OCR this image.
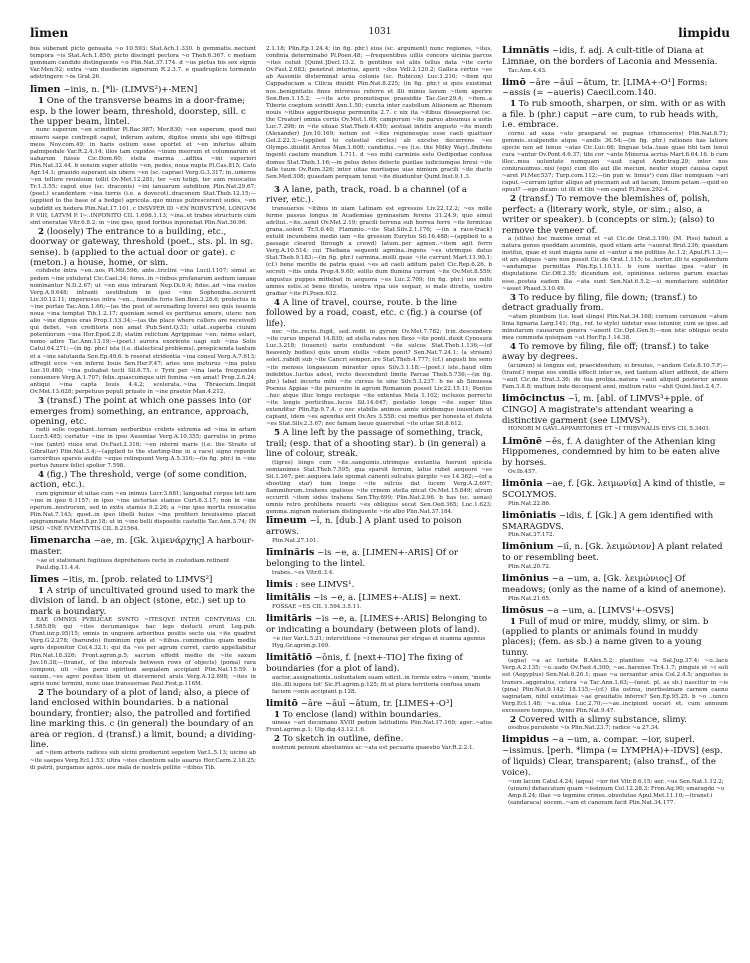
līmen	1031	limpidu
bus suberant picto genualia ~o 10.593; Stat.Ach.1.330. b gemmatis..nectunt tempora ~is Stat.Ach.1.850; picto discingit pectora ~o Theb.6.367. c mediam gemmam candido distinguente ~o Plin.Nat.37.174. d ~us pictus bis sex signis Var.Men.92; extra ~um duodecim signorum R.2.3.7. e quadruplicis tormento adstringere ~os Grat.26.
līmen ~inis, n. [*li- (LIMVS²)+-MEN]
1 One of the transverse beams in a door-frame; esp. b the lower beam, threshold, doorstep, sill. c the upper beam, lintel.
nunc superum ~en scinditur Pl.Bac.987; Mer.830; ~en superum, quod mei misero saepe confregit caput, inferum autem, digitos omnis ubi ego diffregi meos Nov.com.49; in haris ostium esse oportet et ~en inferius altum palmipedale Var.R.2.4.14; illos tam cupidos ~inum meorum et columnarum et uaharum fuisse Cic.Dom.60; stelia marina ..adfixa ~ini superiori Plin.Nat.32.44. b sensim super attolle ~en, pedes, noua nupta Pl.Cas.815; Cato Agr.14.1; grauido superant uix ubere ~en (sc. caprae) Verg.G.3.317; in..umeros ~en tellure reuulsum tollit Ov.Met.12.281; ter ~en tetigi, ter sum reuocatus Tr.1.3.55; caput eius (sc. draconis) ~ini ianuarum subditum Plin.Nat.29.67; (poet.) scandentem ~ina turris (i.e. a dovecot)..draconem Stat.Theb.12.15;—(applied to the base of a hedge) agricola..quo minus putrescerent sudes, ~en subdidit ex hedera Plin.Nat.17.101. c INSVPER ID ~EN ROBVSTVM, LONGVM P. VIII, LATVM P. I~..INPONITO CIL 1.698.1.13; ~ina..et trabes structuris cum sint oneratae Vitr.6.8.2; in ~ine ipso, quod foribus inponebat Plin.Nat.36.96.
2 (loosely) The entrance to a building, etc., doorway or gateway, threshold (poet., sts. pl. in sg. sense). b (applied to the actual door or gate). c (meton.) a house, home, or sim.
cohibete intra ~en..uos Pl.Mil.596; ante..triclini ~ina Lucil.1107; simul ac pedem ~ine extulerat Cic.Cael.34; fores..in ~inibus profanarum aedium ianuae nominantur N.D.2.67; ut ~en eius intrarant Nep.Di.9.4; fidus..ad ~ina custos Verg.A.9.648; intranti uestibulum in ipso ~ine Sophoniba..occurrit Liv.30.12.11; imperiosus intra ~en.., humilis foris Sen.Ben.3.28.6; prolectus in ~ine portae Tac.Ann.1.66;—(as the post of serenading lovers) seu quis iuuenis noua ~ina temptat Tib.1.2.17; quoniam semel es periturus amore, utere: non alio ~ine dignus eras Prop.1.13.34;—(as the place where callers are received) qui debet, ~en creditoris non amat Pub.Sent.Q.33; uitat..superba ciuium potentiorum ~ina Hor.Epod.2.8; statim relictum Agrippinae ~en: nemo solari, nemo adire Tac.Ann.13.19;—(poet.) aurora exoriente uagi sub ~ina Solis Catul.64.271;—(in fig. phr.) ista (i.e. dialectical problems)..prospicienda tantum et a ~ine salutanda Sen.Ep.49.6. b reserat stridentia ~ina consul Verg.A.7.613; effregit ecce ~en inferni Iouis Sen.Her.F.47; aries uno moturus ~ina pulsu Luc.10.480; ~ina pulsabat tecti Sil.6.75. c Tyrii per ~ina laeta frequentes conuenere Verg.A.1.707; felix..quascumque uiri femina ~en amat! Prop.2.6.24; antiqui ~ina capta Iouis 4.4.2; scelerata..~ina Thraecum..linquit Ov.Met.13.628; perpetuus populi priuato in ~ine praetor Man.4.212.
3 (transf.) The point at which one passes into (or emerges from) something, an entrance, approach, opening, etc.
radii solis cogebant..terram uerberibus crebris extrema ad ~ina in artum Lucr.5.485; certatur ~ine in ipso Ausoniae Verg.A.10.355; garrulus in primo ~ine (antri) riuos erat Ov.Fast.2.316; ~en interni maris (i.e. the Straits of Gibraltar) Plin.Nat.3.4;—(applied to the starting-line in a race) signo repente carceribus sparsis audito ~eque relinquunt Verg.A.5.316;—(in fig. phr.) in ~ine portus funere felici spolior 7.598.
4 (fig.) The threshold, verge (of some condition, action, etc.).
cum gignimur et uitae cum ~en inimus Lucr.3.681; languebat corpus leti iam ~ine in ipso 6.1157; in ipso ~ine uictoriae stamus Curt.6.3.17; non in ~ine operum..nostrorum, sed in exitu stamus 9.2.26; a ~ine ipso mortis reuocatus Plin.Nat.7.143; quod..in ipso libelli huius ~ine profiteri breuissimo placuit epigrammate Mart.8.pr.18; ut in ~ine belli dispositis castellis Tac.Ann.3.74; IN IPSO ~INE IVVENTVTIS CIL 8.21564.
līmenarcha ~ae, m. [Gk. λιμενάρχης] A harbour-master.
~ae et stationarii fugitiuos deprehensos recte in custodiam retinent Paul.dig.11.4.4.
līmes ~itis, m. [prob. related to LIMVS²]
1 A strip of uncultivated ground used to mark the division of land. b an object (stone, etc.) set up to mark a boundary.
EAE OMNES PVBLICAE SVNTO ~ITESQVE INTER CENTVRIAS CIL 1.585.89; qui ~ites decumanique hac lege deducti erunt Leg.pub.(Font.iur.p.95)15; omnis in unguem arboribus positis secto uia ~ite quadret Verg.G.2.278; (harundo) fluminum ripis et ~itibus..commodius quam mediis agris deponitur Col.4.32.1; qui ita ~es per agrum curret, cardo appellabitur Plin.Nat.18.326; Front.agrim.p.5; sacrum effodit medio de ~ite saxum Juv.16.38;—(transf., of the intervals between rows of objects) (poma) rara componi, uti ~ites perui spiritum aequalem accipiant Plin.Nat.15.59. b saxum..~es agro positus litem ut discerneret aruis Verg.A.12.898; ~ites in agris nunc termini, nunc uiae transuersae Paul.Fest.p.116M.
2 The boundary of a plot of land; also, a piece of land enclosed within boundaries. b a national boundary, frontier; also, the patrolled and fortified line marking this. c (in general) the boundary of an area or region. d (transf.) a limit, bound; a dividing-line.
ad ~item arboris radices sub uicini prodierunt segetem Var.L.5.13; uicino ab ~ite saepes Verg.Ecl.1.53; ultra ~ites clientium salis auarus Hor.Carm.2.18.25; di patrii, purgamus agros..uos mala de nostris pellite ~itibus Tib.
2.1.18; Plin.Ep.1.24.4; (in fig. phr.) eius (sc. argument) nunc regiones, ~ites, confinia determinabo Pl.Poen.48; —frequentibus uillis concors uicinia parcos ~ites coluit [Quint.]Decl.13.2. b gentibus est aliis tellus data ~ite certo Ov.Fast.2.683; penetrat interius, aperit ~ites Vell.2.120.2; Gallica certus ~es ab Ausoniis disterminat arua colonis (sc. Rubicon) Luc.1.216; ~item qui Cappadociam a Cilicia diuidit Plin.Nat.8.225; (in fig. phr.) si quis existimat nos..benignitatis fines introrsus referre et illi minus laxum ~item aperire Sen.Ben.1.15.2; —~ite acto promotisque praesidiis Tac.Ger.29.4; ~item..a Tiberio coeptum scindit Ann.1.50; cuncta inter castellum Alisonem ac Rhenum nouis ~itibus aggeribusque permunita 2.7. c uix ita ~itibus dissaepserat (sc. the Creator) omnia certis Ov.Met.1.69; camporum ~ite paruo absumus a uotis Luc.7.298; in ~ite siluae Stat.Theb.4.450; aestuat infelix angusto ~ite mundi (Alexander) Juv.10.169; notum est ~ites regionesque esse caeli quattuor Gel.2.22.3;—(applied to celestial circles) ab excelso decurrens ~es Olympo..diuidit Arctos Man.1.609; candidus..~es (i.e. the Milky Way)..findens ingenti caelum mundum 1.711. d ~es mihi carminis esto Oedipodae confusa domus Stat.Theb.1.16;—in pelus dotes delecte pueilae iudiciumque breui ~ite falle tuum Ov.Rem.326; inter uitae mortisque uias nimium gracili ~ite ducto Sen.Med.308; quaedam perquam tenui ~ite diuiduntur Quint.Inst.9.1.3.
3 A lane, path, track, road. b a channel (of a river, etc.).
transuersis ~itibus in uiam Latinam est egressus Liv.22.12.2; ~es mille ferme passus longus in Academiae gymnasium ferens 31.24.9; quo simul adcliui..~ite..uenit Ov.Met.2.19; gracili terrena sub horrea ferre ~ite formicae grana..solent Tr.5.6.40; Flaminio..~ite Stat.Silv.2.1.176; —(in a race-track) extulit incumbens medio iam ~ite gressum Eurytus Sil.16.488;—(applied to a passage cleared through a crowd) latum..per agmen..~item agit ferro Verg.A.10.514; cui Thebana sequenti agmina..ingens ~es utrimque datus Stat.Theb.9.183;—(in fig. phr.) carmina..molli quae ~ite currunt Mart.11.90.1; (cf.) bene meritis de patria quasi ~es ad caeli aditum patet Cic.Rep.6.26. b secreti ~itis unda Prop.4.9.60; solito dum flumina currant ~ite Ov.Met.8.559; angustus puppes mittebat in aequora ~es Luc.2.709; (in fig. phr.) uos mihi amnes estis..si bene dicetis, uostra ripa uos sequar, si male dicetis, uostro gradiar ~ite Pl.Poen.632.
4 A line of travel, course, route. b the line followed by a road, coast, etc. c (fig.) a course (of life).
nec ~ite..recto..fugit, sed..redit in gyrum Ov.Met.7.782; Irin..descendere ~ite curuo imperat 14.830; ad stella rates non flexo ~ite ponti..duxit Cynosura Luc.3.218; (iuuenci) uario confundunt ~ite sulcos Stat.Theb.1.136;—(of heavenly bodies) quis unum stellis ~item ponit? Sen.Nat.7.24.1; (a stream) solet..rabidi sub ~ite Cancri semper..ire Stat.Theb.4.777; (cf.) angusti bis seno ~ite menses longaeuum mirantur opus Silv.3.1.18;—(poet.) iste..haud olim indebitus..luctus adest, recto descendunt limite Parcae Theb.5.736;—(in fig. phr.) labat incerto mihi ~ite cursus te sine Silv.5.3.237. b ne ab Sinuessa Poenus Appiae ~ite peruenire in agrum Romanum posset Liv.22.15.11; Pontus ..huc atque illuc longo rectoque ~ite extentus Mela 1.102; inclusos porrecto ~ite longis porticibus..lucos Sil.14.647; gestatio longo ~ite super litus extenditur Plin.Ep.9.7.4. c nec stabilis animos annis uiridemque iuuentam ut capiant, idem ~es agendus erit Ov.Ars 3.558; cui medius per honesta et dulcia ~es Stat.Silv.2.3.67; nec famam laeuo quaerebat ~ite uitae Sil.8.612.
5 A line left by the passage of something, track, trail; (esp. that of a shooting star). b (in general) a line of colour, streak.
(tigres) longo cum ~ite..sanguinis..utrimque exstantia fuerunt spicula semianimes Stat.Theb.7.595; qua sparsit ferrum, latus rubet aequore ~es Sil.1.267; per..aequora late spumat canenti sulcatus gurgite ~es 14.362;—(of a shooting star) tum longo ~ite sulcus dat lucem Verg.A.2.697; flammiferum..trahens spatioso ~ite crinem stella micat Ov.Met.15.849; atrum occurrit ~item sidus trahens Sen.Thy.699; Plin.Nat.2.96. b has (sc. uenas) omnis retro prohibens reuerti ~es obliquus secat Sen.Oed.365; Luc.1.623; gemma..nigram materiam distinguente ~ite albo Plin.Nat.37.184.
līmeum ~ī, n. [dub.] A plant used to poison arrows.
Plin.Nat.27.101.
līminăris ~is ~e, a. [LIMEN+-ARIS] Of or belonging to the lintel.
trabes..~es Vitr.6.3.4.
limis : see LIMVS¹.
limitālis ~is ~e, a. [LIMES+-ALIS] = next.
FOSSAE ~ES CIL 1.594.3.5.11.
limitāris ~is ~e, a. [LIMES+-ARIS] Belonging to or indicating a boundary (between plots of land).
~e iter Var.L.5.21; interstitione ~i mensuras per strigas et scamna agemus Hyg.Gr.agrim.p.169.
limitātiō ~ōnis, f. [next+-TIO] The fixing of boundaries (for a plot of land).
auctor..assignationis..uoluntatem suam edicit..in formis extra ~onem, 'monte illo..illi iugera tot' Sic.Fl.agrim.p.125; fit ut plura territoria confusa unam faciem ~onis accipiant p.128.
limitō ~āre ~āuī ~ātum, tr. [LIMES+-O³]
1 To enclose (land) within boundaries.
uineas ~ari decumano XVIII pedum latitudinis Plin.Nat.17.169; ager..~atus Front.agrim.p.1; Ulp.dig.43.12.1.6.
2 To sketch in outline, define.
nostrum pensum absoluimus ac ~ata est pecuaria quaestio Var.R.2.2.1.
Limnātis ~idis, f. adj. A cult-title of Diana at Limnae, on the borders of Laconia and Messenia.
Tac.Ann.4.43.
limō ~āre ~āuī ~ātum, tr. [LIMA+-O¹] Forms: ~assis (= ~aueris) Caecil.com.140.
1 To rub smooth, sharpen, or sim. with or as with a file. b (phr.) caput ~are cum, to rub heads with, i.e. embrace.
cornu ad saxa ~ato praeparat se pugnae (rhinoceros) Plin.Nat.8.71; gemmis..scalpendis atque ~andis 36.54;—(in fig. phr.) rationes has latiore specie non ad tenue ~atas Cic.Luc.66; linguae tela..tuae quae tibi tam tenui cura ~antur Ov.Pont.4.6.37; tibi cor ~ante Minerua acrius Mart.6.64.16. b cum illoc..mea uoluntate numquam ~auit caput Andr.trag.29; inter nos coniurauimus..nisi (ego) cum illo aut ille mecum, neuter stupri caussa caput ~aret Pl.Mer.537; Turp.com.112;—(in pun w. limus¹) cum illac numquam ~ari caput.—curram igitur aliquo ad piscinam aut ad lacum, limum petam.—quid eo opust? —ego dicam: ut illi et tibi ~em caput Pl.Poen.292-4.
2 (transf.) To remove the blemishes of, polish, perfect: a (literary work, style, or sim.; also, a writer or speaker). b (concepts or sim.); (also) to remove the veneer of.
a (stilus) hoc maxime ornat et ~at Cic.de Orat.3.190; (M. Piso) habuit a natura genus quoddam acuminis, quod etiam arte ~auerat Brut.236; quaedam institui, quae et sunt magna sane et ~antur a me politius Ac.1.2; Apul.Fl.1.3;—ut ars aliquos ~are non possit Cic.de Orat.1.115; te..hortor..illi te expoliendum ~andumque permittas Plin.Ep.1.10.11. b cum ueritas ipsa ~atur in disputatione Cic.Off.2.35; dicendum est, opiniones ueteres parum exactas esse..postea eadem illa ~ata sunt Sen.Nat.6.5.2;—si mendacium subtiliter ~asset Phaed.3.10.49.
3 To reduce by filing, file down; (transf.) to detract gradually from.
~atum plumbum (i.e. lead slings) Plin.Nat.34.168; cornum ceruinum ~atum lima lignaria Larg.141; (fig., ref. to style) uidetur esse ieiunior, cum se ipse..ad minutarum causarum genera ~auerit Cic.Opt.Gen.9;—non istic obliquo oculo mea commoda quisquam ~at Hor.Ep.1.14.38.
4 To remove by filing, file off; (transf.) to take away by degrees.
(acumen) si longius est, praecidendum; si breuius, ~andum Cels.8.10.7.F;—(transf.) neque eos similis effecit inter se, sed tantum alteri adfinxit, de altero ~auit Cic.de Orat.3.36; de tua prolixa..natura ~auit aliquid posterior annos Fam.3.8.8; multum inde decoquent anni, multum ratio ~abit Quint.Inst.2.4.7.
limōcinctus ~ī, m. [abl. of LIMVS³+pple. of CINGO] A magistrate's attendant wearing a distinctive garment (see LIMVS³).
HONORI M GAVI..APPARITORES ET ~I TRIBVNALIS EIVS CIL 5.3401.
Limōnē ~ēs, f. A daughter of the Athenian king Hippomenes, condemned by him to be eaten alive by horses.
Ov.Ib.457.
limōnia ~ae, f. [Gk. λειμωνία] A kind of thistle, = SCOLYMOS.
Plin.Nat.22.86.
limōniatis ~idis, f. [Gk.] A gem identified with SMARAGDVS.
Plin.Nat.37.172.
limōnium ~iī, n. [Gk. λειμώνιον] A plant related to or resembling beet.
Plin.Nat.20.72.
limōnius ~a ~um, a. [Gk. λειμώνιος] Of meadows; (only as the name of a kind of anemone).
Plin.Nat.21.65.
limōsus ~a ~um, a. [LIMVS¹+-OSVS]
1 Full of mud or mire, muddy, slimy, or sim. b (applied to plants or animals found in muddy places); (fem. as sb.) a name given to a young tunny.
(aqua) ~a ac turbida B.Alex.5.2; planities ~a Sal.Jug.37.4; ~o..lacu Verg.A.2.135; ~o..uado Ov.Fast.4.300; ~ae..harense Tr.4.1.7; pinguis et ~i soli est (Aegyptus) Sen.Nat.6.26.1; quae ~a uersantur arua Col.2.4.5; angustus is transrs..aggeratus, cetera ~a Tac.Ann.1.63;—(neut. pl. as sb.) nascitur in ~is (pina) Plin.Nat.9.142; 18.135;—(cf.) illa ostrea, inertissimam carnem caeno saginatam, nihil existimas ~ae grauitatis inferre? Sen.Ep.95.25. b ~o ..iunco Verg.Ecl.1.48; ~a..ulua Luc.2.70;—~ae..incipiunt uocari et, cum annuum excessere tempus, thynni Plin.Nat.9.47.
2 Covered with a slimy substance, slimy.
ossibus purulente ~is Plin.Nat.23.7; radice ~a 27.34.
limpidus ~a ~um, a. compar. ~ior, superl. ~issimus. [perh. *limpa (= LYMPHA)+-IDVS] (esp. of liquids) Clear, transparent; (also transf., of the voice).
~um lacum Catul.4.24; (aqua) ~ior fiet Vitr.8.6.15; aer..~us Sen.Nat.1.12.2; (uinum) defaecatum quam ~issimum Col.12.28.3; Fron.Aq.90; smaragdo ~o Amp.8.24; illae ~o tegmine crines..obuolutae Apul.Met.11.10;—(transf.) (sandaraca) uocem..~am et canoram facit Plin.Nat.34.177.
